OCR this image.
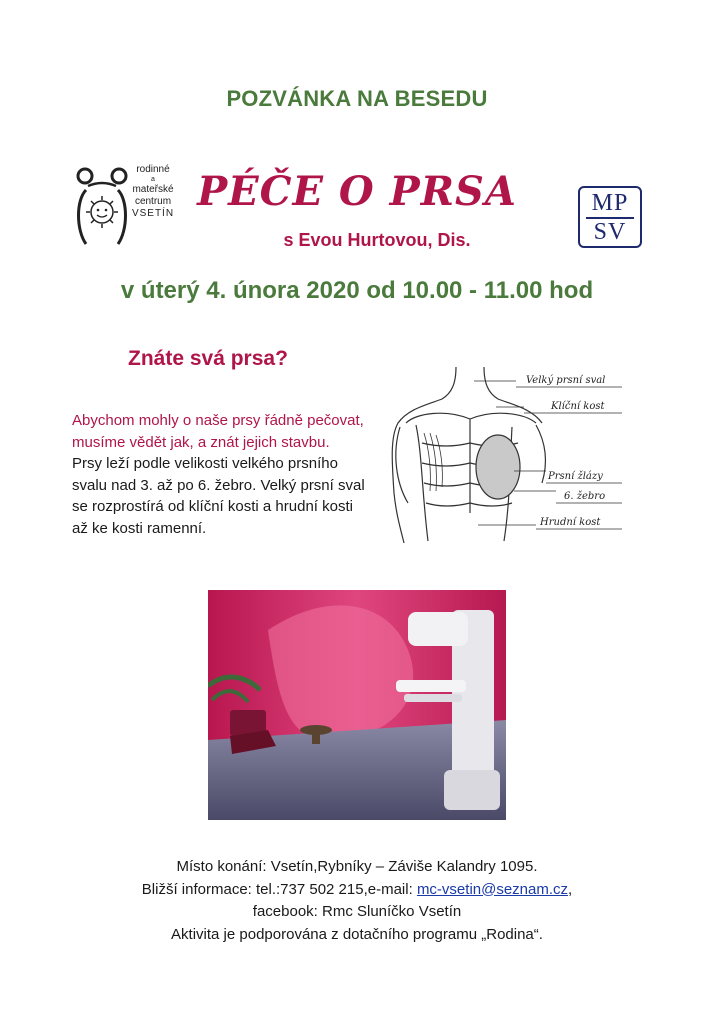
POZVÁNKA NA BESEDU
rodinné
a
mateřské
centrum
VSETÍN PÉČE O PRSA	MP
SV
s Evou Hurtovou, Dis.
v úterý 4. února 2020 od 10.00 - 11.00 hod
Znáte svá prsa?
Abychom mohly o naše prsy řádně pečovat,
musíme vědět jak, a znát jejich stavbu.
Prsy leží podle velikosti velkého prsního
svalu nad 3. až po 6. žebro. Velký prsní sval
se rozprostírá od klíční kosti a hrudní kosti
až ke kosti ramenní.
Velký prsní sval
Klíční kost
Prsní žlázy
6. žebro
Hrudní kost
Místo konání: Vsetín,Rybníky – Záviše Kalandry 1095.
Bližší informace: tel.:737 502 215,e-mail: mc-vsetin@seznam.cz,
facebook: Rmc Sluníčko Vsetín
Aktivita je podporována z dotačního programu „Rodina“.
